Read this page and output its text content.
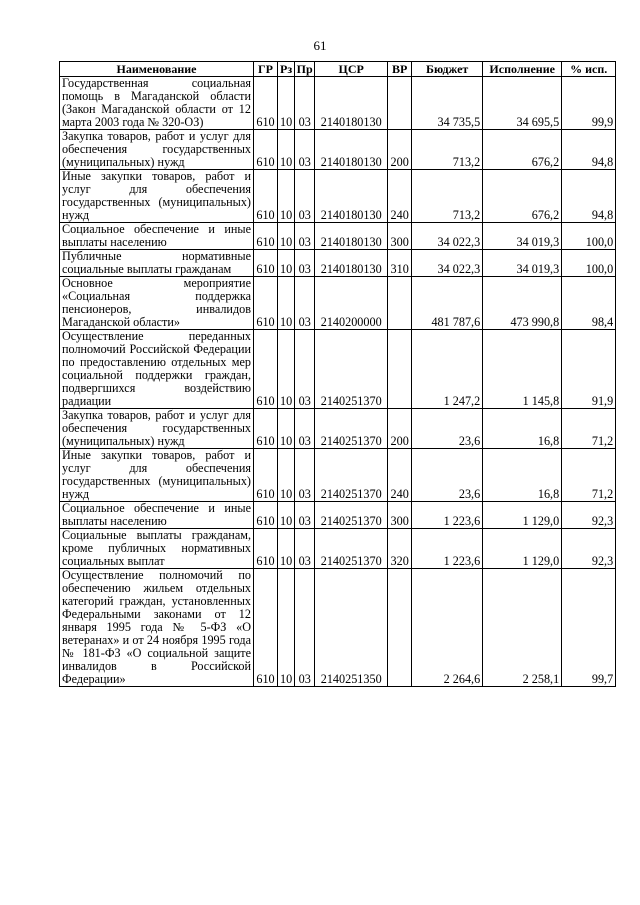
61
Наименование	ГР	Рз	Пр	ЦСР	ВР	Бюджет	Исполнение	% исп.
Государственная социальная помощь в Магаданской области (Закон Магаданской области от 12 марта 2003 года № 320-ОЗ)	610	10	03	2140180130		34 735,5	34 695,5	99,9
Закупка товаров, работ и услуг для обеспечения государственных (муниципальных) нужд	610	10	03	2140180130	200	713,2	676,2	94,8
Иные закупки товаров, работ и услуг для обеспечения государственных (муниципальных) нужд	610	10	03	2140180130	240	713,2	676,2	94,8
Социальное обеспечение и иные выплаты населению	610	10	03	2140180130	300	34 022,3	34 019,3	100,0
Публичные нормативные социальные выплаты гражданам	610	10	03	2140180130	310	34 022,3	34 019,3	100,0
Основное мероприятие «Социальная поддержка пенсионеров, инвалидов Магаданской области»	610	10	03	2140200000		481 787,6	473 990,8	98,4
Осуществление переданных полномочий Российской Федерации по предоставлению отдельных мер социальной поддержки граждан, подвергшихся воздействию радиации	610	10	03	2140251370		1 247,2	1 145,8	91,9
Закупка товаров, работ и услуг для обеспечения государственных (муниципальных) нужд	610	10	03	2140251370	200	23,6	16,8	71,2
Иные закупки товаров, работ и услуг для обеспечения государственных (муниципальных) нужд	610	10	03	2140251370	240	23,6	16,8	71,2
Социальное обеспечение и иные выплаты населению	610	10	03	2140251370	300	1 223,6	1 129,0	92,3
Социальные выплаты гражданам, кроме публичных нормативных социальных выплат	610	10	03	2140251370	320	1 223,6	1 129,0	92,3
Осуществление полномочий по обеспечению жильем отдельных категорий граждан, установленных Федеральными законами от 12 января 1995 года № 5-ФЗ «О ветеранах» и от 24 ноября 1995 года № 181-ФЗ «О социальной защите инвалидов в Российской Федерации»	610	10	03	2140251350		2 264,6	2 258,1	99,7
